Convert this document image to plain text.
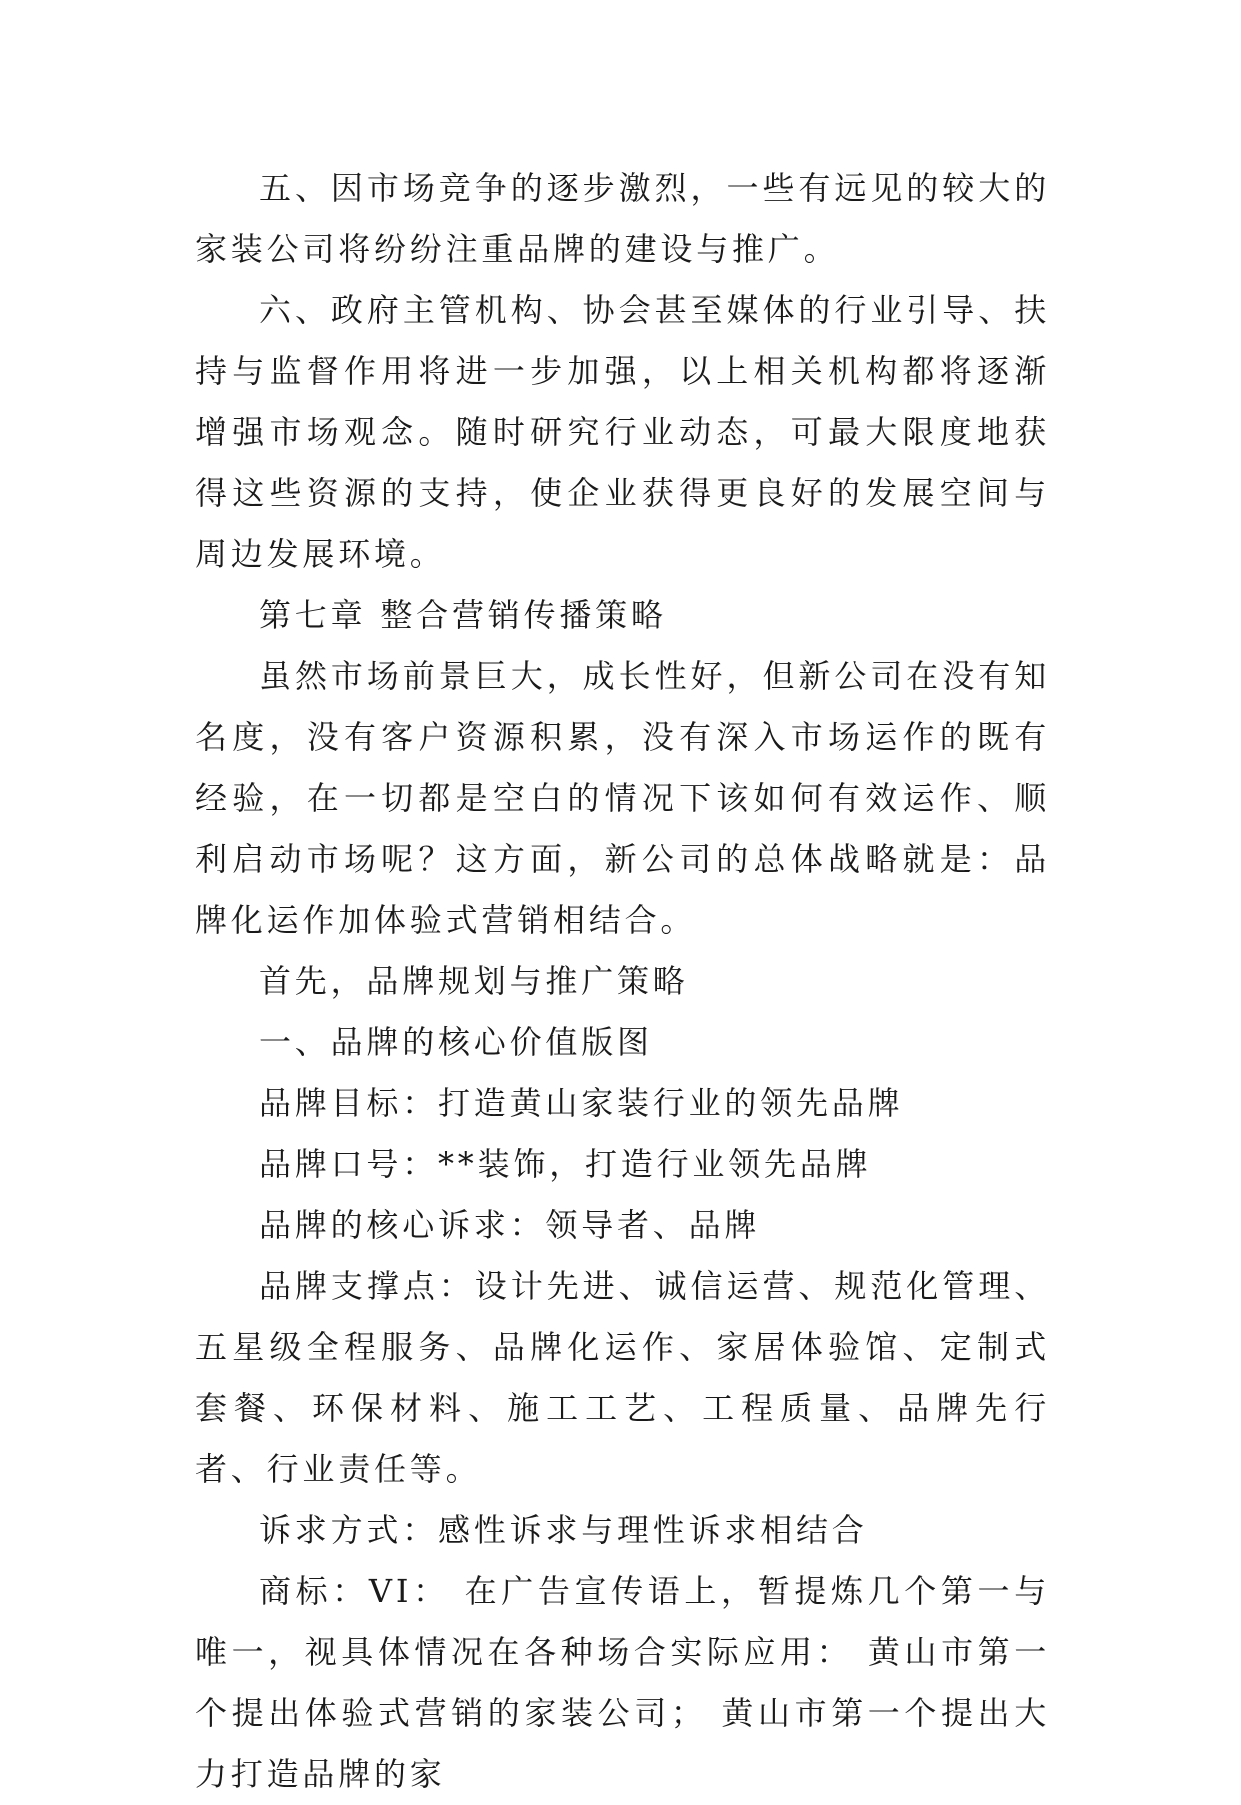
五、因市场竞争的逐步激烈，一些有远见的较大的家装公司将纷纷注重品牌的建设与推广。

六、政府主管机构、协会甚至媒体的行业引导、扶持与监督作用将进一步加强，以上相关机构都将逐渐增强市场观念。随时研究行业动态，可最大限度地获得这些资源的支持，使企业获得更良好的发展空间与周边发展环境。

第七章 整合营销传播策略

虽然市场前景巨大，成长性好，但新公司在没有知名度，没有客户资源积累，没有深入市场运作的既有经验，在一切都是空白的情况下该如何有效运作、顺利启动市场呢？这方面，新公司的总体战略就是：品牌化运作加体验式营销相结合。

首先，品牌规划与推广策略

一、品牌的核心价值版图

品牌目标：打造黄山家装行业的领先品牌

品牌口号：**装饰，打造行业领先品牌

品牌的核心诉求：领导者、品牌

品牌支撑点：设计先进、诚信运营、规范化管理、五星级全程服务、品牌化运作、家居体验馆、定制式套餐、环保材料、施工工艺、工程质量、品牌先行者、行业责任等。

诉求方式：感性诉求与理性诉求相结合

商标：VI： 在广告宣传语上，暂提炼几个第一与唯一，视具体情况在各种场合实际应用： 黄山市第一个提出体验式营销的家装公司； 黄山市第一个提出大力打造品牌的家
